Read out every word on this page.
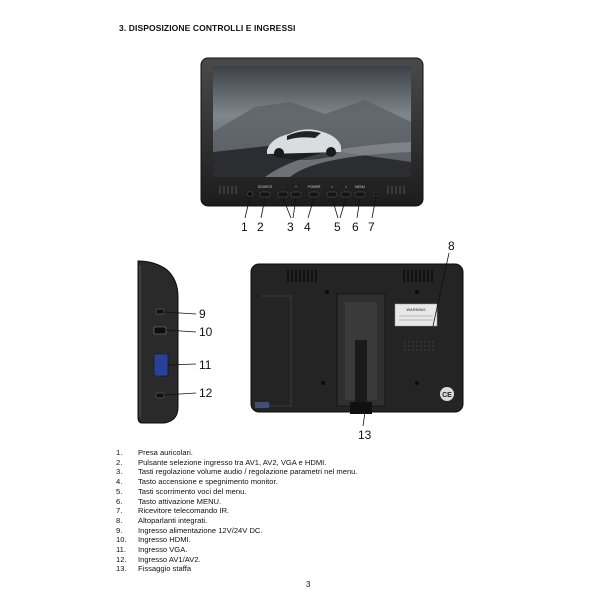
3. DISPOSIZIONE CONTROLLI E INGRESSI
SOURCE	-	+	POWER	<	> MENU
1 2 3 4 5 6 7
9
10
11
12
WARNING
CE
8
13
1.	Presa auricolari.
2.	Pulsante selezione ingresso tra AV1, AV2, VGA e HDMI.
3.	Tasti regolazione volume audio / regolazione parametri nel menu.
4.	Tasto accensione e spegnimento monitor.
5.	Tasti scorrimento voci del menu.
6.	Tasto attivazione MENU.
7.	Ricevitore telecomando IR.
8.	Altoparlanti integrati.
9.	Ingresso alimentazione 12V/24V DC.
10.	Ingresso HDMI.
11.	Ingresso VGA.
12.	Ingresso AV1/AV2.
13.	Fissaggio staffa
3
